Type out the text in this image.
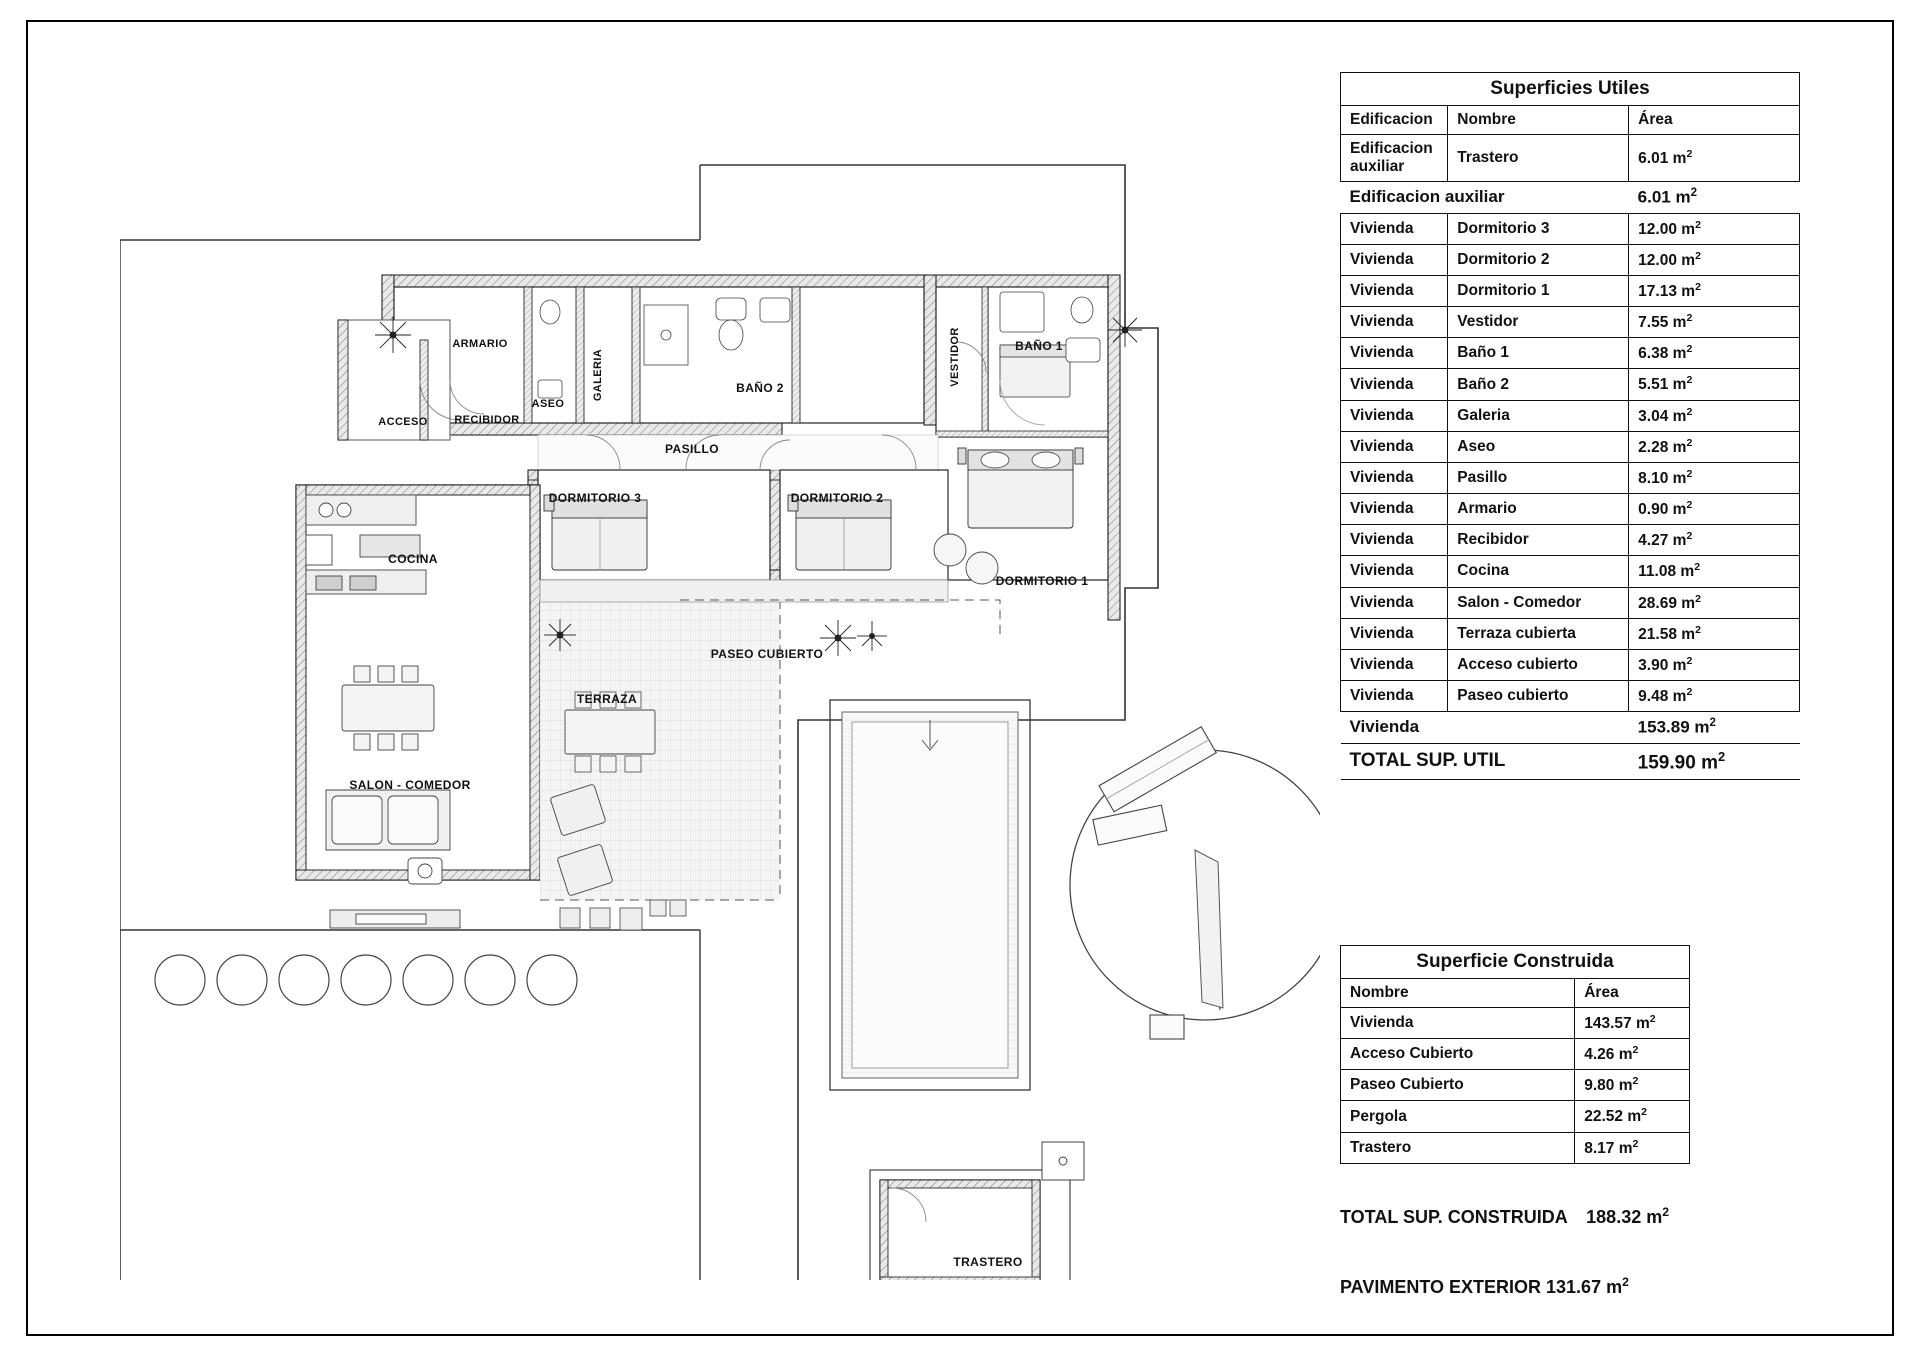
ACCESO RECIBIDOR
ARMARIO
ASEO
GALERIA	BAÑO 2
PASILLO
VESTIDOR	BAÑO 1
DORMITORIO 3	DORMITORIO 2
DORMITORIO 1
COCINA
SALON - COMEDOR
TERRAZA
PASEO CUBIERTO
TRASTERO
Superficies Utiles		
Edificacion	Nombre	Área
Edificacion auxiliar	Trastero	6.01 $m^2$
Edificacion auxiliar		6.01 $m^2$
Vivienda	Dormitorio 3	12.00 $m^2$
Vivienda	Dormitorio 2	12.00 $m^2$
Vivienda	Dormitorio 1	17.13 $m^2$
Vivienda	Vestidor	7.55 $m^2$
Vivienda	Baño 1	6.38 $m^2$
Vivienda	Baño 2	5.51 $m^2$
Vivienda	Galeria	3.04 $m^2$
Vivienda	Aseo	2.28 $m^2$
Vivienda	Pasillo	8.10 $m^2$
Vivienda	Armario	0.90 $m^2$
Vivienda	Recibidor	4.27 $m^2$
Vivienda	Cocina	11.08 $m^2$
Vivienda	Salon - Comedor	28.69 $m^2$
Vivienda	Terraza cubierta	21.58 $m^2$
Vivienda	Acceso cubierto	3.90 $m^2$
Vivienda	Paseo cubierto	9.48 $m^2$
Vivienda		153.89 $m^2$
TOTAL SUP. UTIL		159.90 $m^2$
Superficie Construida	
Nombre	Área
Vivienda	143.57 $m^2$
Acceso Cubierto	4.26 $m^2$
Paseo Cubierto	9.80 $m^2$
Pergola	22.52 $m^2$
Trastero	8.17 $m^2$
TOTAL SUP. CONSTRUIDA 188.32 $m^2$
PAVIMENTO EXTERIOR 131.67 $m^2$
